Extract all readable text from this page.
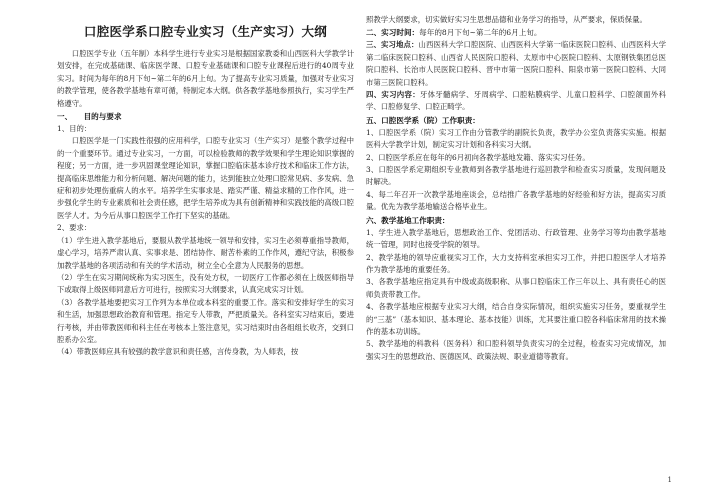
口腔医学系口腔专业实习（生产实习）大纲

口腔医学专业（五年制）本科学生进行专业实习是根据国家教委和山西医科大学教学计划安排，在完成基础课、临床医学课、口腔专业基础课和口腔专业课程后进行的40周专业实习。时间为每年的8月下旬~第二年的6月上旬。为了提高专业实习质量，加强对专业实习的教学管理，使各教学基地有章可循，特制定本大纲。供各教学基地参照执行，实习学生严格遵守。

一、　　目的与要求

1、目的：

口腔医学是一门实践性很强的应用科学，口腔专业实习（生产实习）是整个教学过程中的一个重要环节。通过专业实习，一方面，可以检验教师的教学效果和学生理论知识掌握的程度；另一方面，进一步巩固课堂理论知识，掌握口腔临床基本诊疗技术和临床工作方法，提高临床思维能力和分析问题、解决问题的能力，达到能独立处理口腔常见病、多发病、急症和初步处理伤重病人的水平。培养学生实事求是、踏实严谨、精益求精的工作作风，进一步强化学生的专业素质和社会责任感，把学生培养成为具有创新精神和实践技能的高级口腔医学人才。为今后从事口腔医学工作打下坚实的基础。

2、要求：

（1）学生进入教学基地后，要服从教学基地统一领导和安排，实习生必须尊重指导教师，虚心学习，培养严肃认真、实事求是、团结协作、耐苦朴素的工作作风，遵纪守法，积极参加教学基地的各项活动和有关的学术活动，树立全心全意为人民服务的思想。

（2）学生在实习期间统称为实习医生，没有处方权，一切医疗工作都必须在上级医师指导下或取得上级医师同意后方可进行，按照实习大纲要求，认真完成实习计划。

（3）各教学基地要把实习工作列为本单位或本科室的重要工作。落实和安排好学生的实习和生活，加强思想政治教育和管理。指定专人带教，严把质量关。各科室实习结束后，要进行考核，并由带教医师和科主任在考核本上签注意见，实习结束时由各组组长收齐，交到口腔系办公室。

（4）带教医师应具有较强的教学意识和责任感，言传身教，为人师表，按

照教学大纲要求，切实做好实习生思想品德和业务学习的指导，从严要求，保质保量。

二、实习时间：每年的8月下旬~第二年的6月上旬。

三、实习地点：山西医科大学口腔医院、山西医科大学第一临床医院口腔科、山西医科大学第二临床医院口腔科、山西省人民医院口腔科、太原市中心医院口腔科、太原钢铁集团总医院口腔科、长治市人民医院口腔科、晋中市第一医院口腔科、阳泉市第一医院口腔科、大同市第三医院口腔科。

四、实习内容：牙体牙髓病学、牙周病学、口腔粘膜病学、儿童口腔科学、口腔颌面外科学、口腔修复学、口腔正畸学。

五、口腔医学系（院）工作职责：

1、口腔医学系（院）实习工作由分管教学的副院长负责，教学办公室负责落实实施。根据医科大学教学计划，制定实习计划和各科实习大纲。

2、口腔医学系应在每年的6月初向各教学基地发籍、落实实习任务。

3、口腔医学系定期组织专业教师到各教学基地进行巡回教学和检查实习质量，发现问题及时解决。

4、每二年召开一次教学基地座谈会，总结推广各教学基地的好经验和好方法，提高实习质量。优先为教学基地输送合格毕业生。

六、教学基地工作职责：

1、学生进入教学基地后，思想政治工作、党团活动、行政管理、业务学习等均由教学基地统一管理，同时也接受学院的领导。

2、教学基地的领导应重视实习工作，大力支持科室承担实习工作，并把口腔医学人才培养作为教学基地的重要任务。

3、各教学基地应指定具有中级或高级职称、从事口腔临床工作三年以上、具有责任心的医师负责带教工作。

4、各教学基地应根据专业实习大纲，结合自身实际情况，组织实施实习任务，要重视学生的“三基”（基本知识、基本理论、基本技能）训练，尤其要注重口腔各科临床常用的技术操作的基本功训练。

5、教学基地的科教科（医务科）和口腔科领导负责实习的全过程，检查实习完成情况，加强实习生的思想政治、医德医风、政策法规、职业道德等教育。

1
